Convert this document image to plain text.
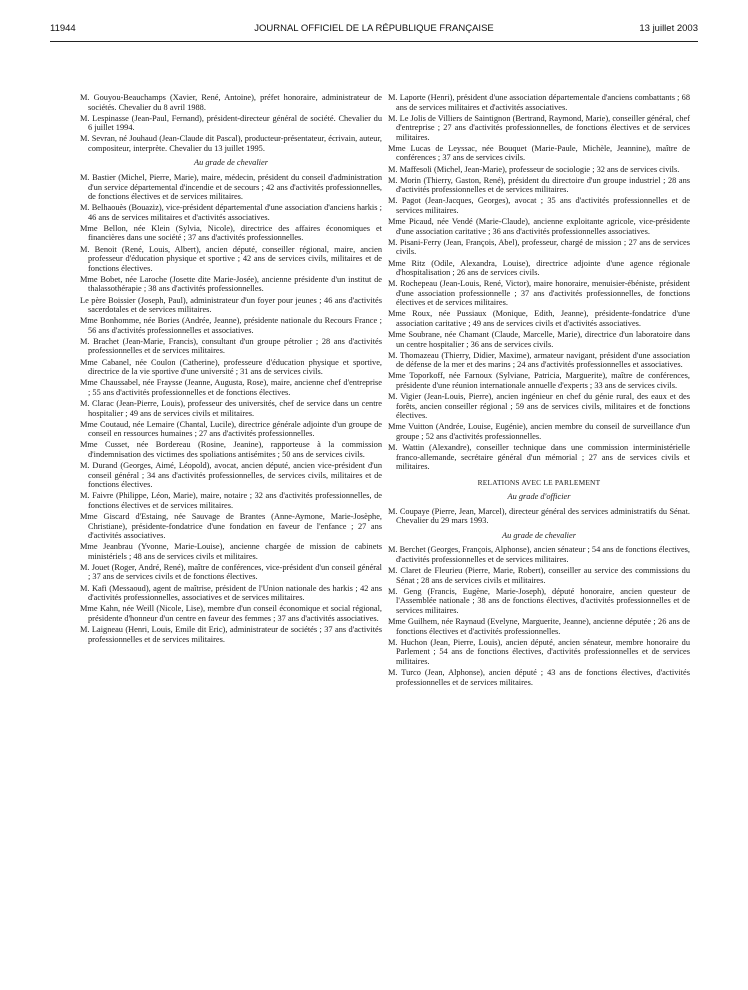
11944	JOURNAL OFFICIEL DE LA RÉPUBLIQUE FRANÇAISE	13 juillet 2003

M. Gouyou-Beauchamps (Xavier, René, Antoine), préfet honoraire, administrateur de sociétés. Chevalier du 8 avril 1988.

M. Lespinasse (Jean-Paul, Fernand), président-directeur général de société. Chevalier du 6 juillet 1994.

M. Sevran, né Jouhaud (Jean-Claude dit Pascal), producteur-présentateur, écrivain, auteur, compositeur, interprète. Chevalier du 13 juillet 1995.

Au grade de chevalier

M. Bastier (Michel, Pierre, Marie), maire, médecin, président du conseil d'administration d'un service départemental d'incendie et de secours ; 42 ans d'activités professionnelles, de fonctions électives et de services militaires.

M. Belhaouès (Bouaziz), vice-président départemental d'une association d'anciens harkis ; 46 ans de services militaires et d'activités associatives.

Mme Bellon, née Klein (Sylvia, Nicole), directrice des affaires économiques et financières dans une société ; 37 ans d'activités professionnelles.

M. Benoit (René, Louis, Albert), ancien député, conseiller régional, maire, ancien professeur d'éducation physique et sportive ; 42 ans de services civils, militaires et de fonctions électives.

Mme Bobet, née Laroche (Josette dite Marie-Josée), ancienne présidente d'un institut de thalassothérapie ; 38 ans d'activités professionnelles.

Le père Boissier (Joseph, Paul), administrateur d'un foyer pour jeunes ; 46 ans d'activités sacerdotales et de services militaires.

Mme Bonhomme, née Bories (Andrée, Jeanne), présidente nationale du Recours France ; 56 ans d'activités professionnelles et associatives.

M. Brachet (Jean-Marie, Francis), consultant d'un groupe pétrolier ; 28 ans d'activités professionnelles et de services militaires.

Mme Cabanel, née Coulon (Catherine), professeure d'éducation physique et sportive, directrice de la vie sportive d'une université ; 31 ans de services civils.

Mme Chaussabel, née Fraysse (Jeanne, Augusta, Rose), maire, ancienne chef d'entreprise ; 55 ans d'activités professionnelles et de fonctions électives.

M. Clarac (Jean-Pierre, Louis), professeur des universités, chef de service dans un centre hospitalier ; 49 ans de services civils et militaires.

Mme Coutaud, née Lemaire (Chantal, Lucile), directrice générale adjointe d'un groupe de conseil en ressources humaines ; 27 ans d'activités professionnelles.

Mme Cusset, née Bordereau (Rosine, Jeanine), rapporteuse à la commission d'indemnisation des victimes des spoliations antisémites ; 50 ans de services civils.

M. Durand (Georges, Aimé, Léopold), avocat, ancien député, ancien vice-président d'un conseil général ; 34 ans d'activités professionnelles, de services civils, militaires et de fonctions électives.

M. Faivre (Philippe, Léon, Marie), maire, notaire ; 32 ans d'activités professionnelles, de fonctions électives et de services militaires.

Mme Giscard d'Estaing, née Sauvage de Brantes (Anne-Aymone, Marie-Josèphe, Christiane), présidente-fondatrice d'une fondation en faveur de l'enfance ; 27 ans d'activités associatives.

Mme Jeanbrau (Yvonne, Marie-Louise), ancienne chargée de mission de cabinets ministériels ; 48 ans de services civils et militaires.

M. Jouet (Roger, André, René), maître de conférences, vice-président d'un conseil général ; 37 ans de services civils et de fonctions électives.

M. Kafi (Messaoud), agent de maîtrise, président de l'Union nationale des harkis ; 42 ans d'activités professionnelles, associatives et de services militaires.

Mme Kahn, née Weill (Nicole, Lise), membre d'un conseil économique et social régional, présidente d'honneur d'un centre en faveur des femmes ; 37 ans d'activités associatives.

M. Laigneau (Henri, Louis, Emile dit Eric), administrateur de sociétés ; 37 ans d'activités professionnelles et de services militaires.

M. Laporte (Henri), président d'une association départementale d'anciens combattants ; 68 ans de services militaires et d'activités associatives.

M. Le Jolis de Villiers de Saintignon (Bertrand, Raymond, Marie), conseiller général, chef d'entreprise ; 27 ans d'activités professionnelles, de fonctions électives et de services militaires.

Mme Lucas de Leyssac, née Bouquet (Marie-Paule, Michèle, Jeannine), maître de conférences ; 37 ans de services civils.

M. Maffesoli (Michel, Jean-Marie), professeur de sociologie ; 32 ans de services civils.

M. Morin (Thierry, Gaston, René), président du directoire d'un groupe industriel ; 28 ans d'activités professionnelles et de services militaires.

M. Pagot (Jean-Jacques, Georges), avocat ; 35 ans d'activités professionnelles et de services militaires.

Mme Picaud, née Vendé (Marie-Claude), ancienne exploitante agricole, vice-présidente d'une association caritative ; 36 ans d'activités professionnelles associatives.

M. Pisani-Ferry (Jean, François, Abel), professeur, chargé de mission ; 27 ans de services civils.

Mme Ritz (Odile, Alexandra, Louise), directrice adjointe d'une agence régionale d'hospitalisation ; 26 ans de services civils.

M. Rochepeau (Jean-Louis, René, Victor), maire honoraire, menuisier-ébéniste, président d'une association professionnelle ; 37 ans d'activités professionnelles, de fonctions électives et de services militaires.

Mme Roux, née Pussiaux (Monique, Edith, Jeanne), présidente-fondatrice d'une association caritative ; 49 ans de services civils et d'activités associatives.

Mme Soubrane, née Chamant (Claude, Marcelle, Marie), directrice d'un laboratoire dans un centre hospitalier ; 36 ans de services civils.

M. Thomazeau (Thierry, Didier, Maxime), armateur navigant, président d'une association de défense de la mer et des marins ; 24 ans d'activités professionnelles et associatives.

Mme Toporkoff, née Farnoux (Sylviane, Patricia, Marguerite), maître de conférences, présidente d'une réunion internationale annuelle d'experts ; 33 ans de services civils.

M. Vigier (Jean-Louis, Pierre), ancien ingénieur en chef du génie rural, des eaux et des forêts, ancien conseiller régional ; 59 ans de services civils, militaires et de fonctions électives.

Mme Vuitton (Andrée, Louise, Eugénie), ancien membre du conseil de surveillance d'un groupe ; 52 ans d'activités professionnelles.

M. Wattin (Alexandre), conseiller technique dans une commission interministérielle franco-allemande, secrétaire général d'un mémorial ; 27 ans de services civils et militaires.

RELATIONS AVEC LE PARLEMENT
Au grade d'officier

M. Coupaye (Pierre, Jean, Marcel), directeur général des services administratifs du Sénat. Chevalier du 29 mars 1993.

Au grade de chevalier

M. Berchet (Georges, François, Alphonse), ancien sénateur ; 54 ans de fonctions électives, d'activités professionnelles et de services militaires.

M. Claret de Fleurieu (Pierre, Marie, Robert), conseiller au service des commissions du Sénat ; 28 ans de services civils et militaires.

M. Geng (Francis, Eugène, Marie-Joseph), député honoraire, ancien questeur de l'Assemblée nationale ; 38 ans de fonctions électives, d'activités professionnelles et de services militaires.

Mme Guilhem, née Raynaud (Evelyne, Marguerite, Jeanne), ancienne députée ; 26 ans de fonctions électives et d'activités professionnelles.

M. Huchon (Jean, Pierre, Louis), ancien député, ancien sénateur, membre honoraire du Parlement ; 54 ans de fonctions électives, d'activités professionnelles et de services militaires.

M. Turco (Jean, Alphonse), ancien député ; 43 ans de fonctions électives, d'activités professionnelles et de services militaires.
